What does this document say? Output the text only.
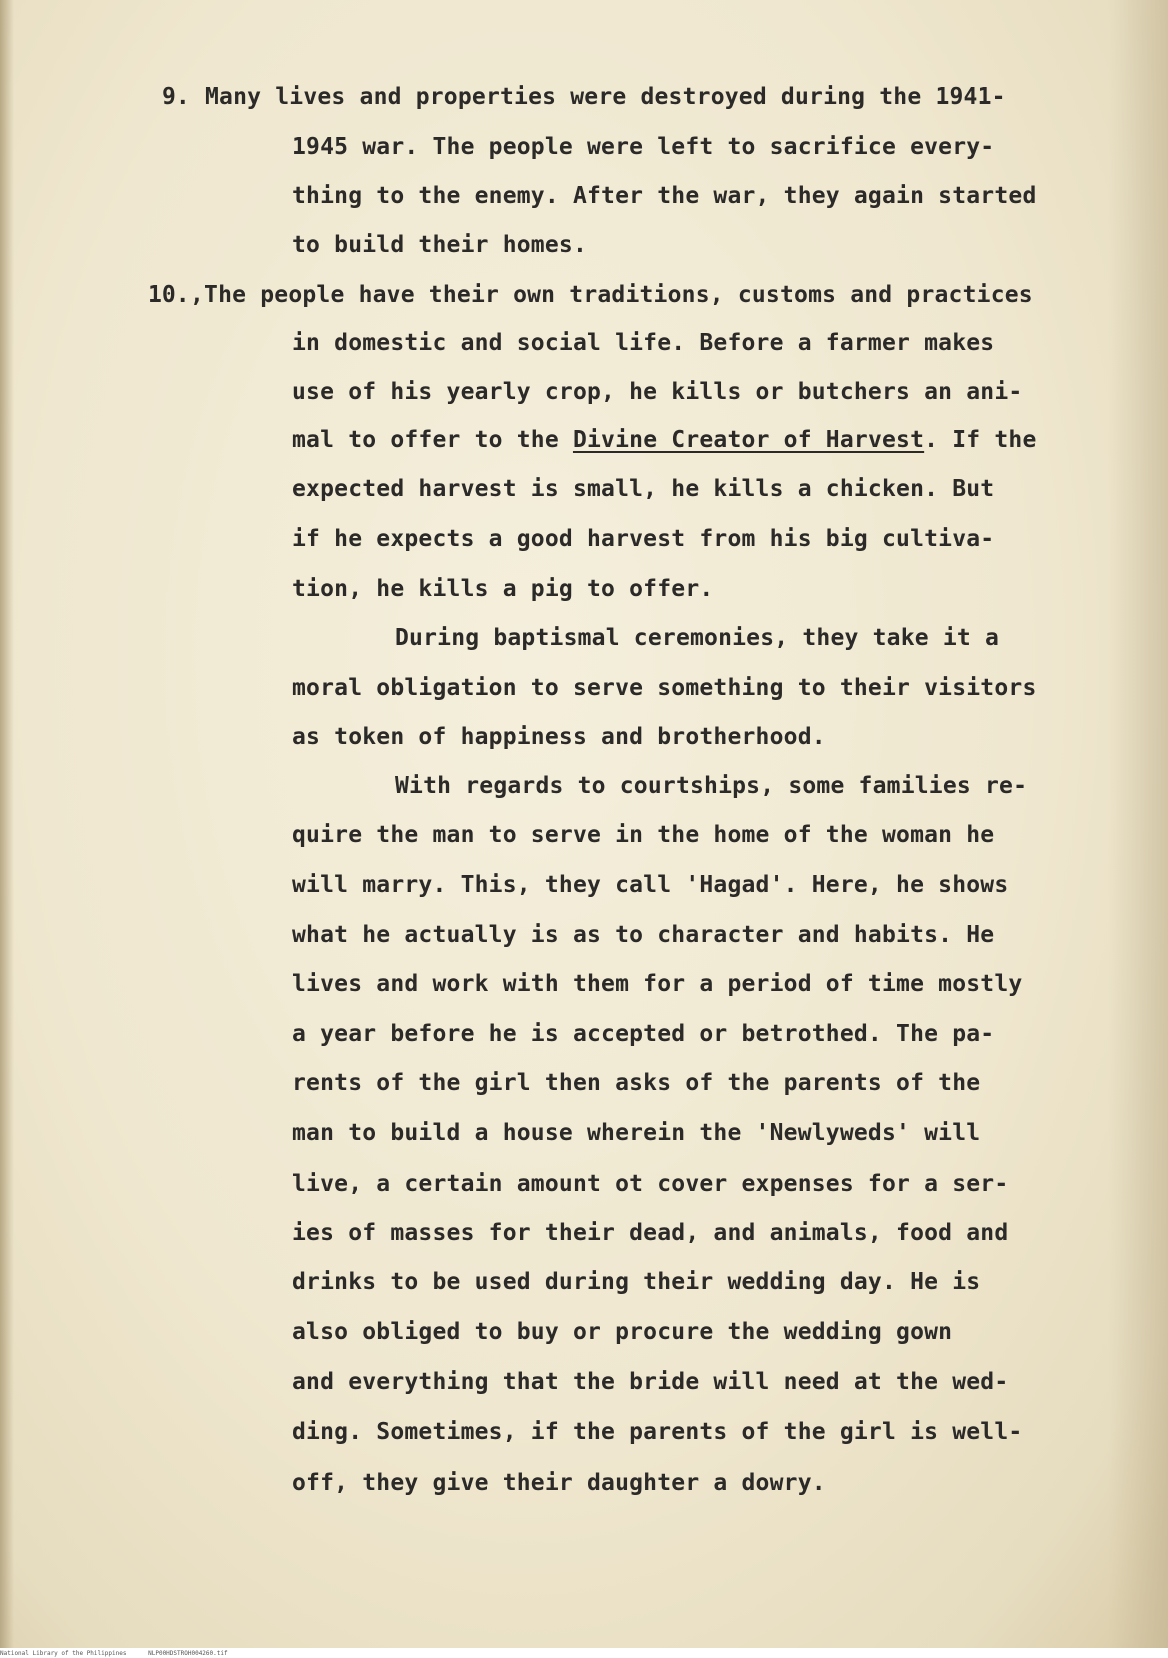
9. Many lives and properties were destroyed during the 1941-
1945 war. The people were left to sacrifice every-
thing to the enemy. After the war, they again started
to build their homes.
10. ,The people have their own traditions, customs and practices
in domestic and social life. Before a farmer makes
use of his yearly crop, he kills or butchers an ani-
mal to offer to the Divine Creator of Harvest. If the
expected harvest is small, he kills a chicken. But
if he expects a good harvest from his big cultiva-
tion, he kills a pig to offer.
During baptismal ceremonies, they take it a
moral obligation to serve something to their visitors
as token of happiness and brotherhood.
With regards to courtships, some families re-
quire the man to serve in the home of the woman he
will marry. This, they call 'Hagad'. Here, he shows
what he actually is as to character and habits. He
lives and work with them for a period of time mostly
a year before he is accepted or betrothed. The pa-
rents of the girl then asks of the parents of the
man to build a house wherein the 'Newlyweds' will
live, a certain amount ot cover expenses for a ser-
ies of masses for their dead, and animals, food and
drinks to be used during their wedding day. He is
also obliged to buy or procure the wedding gown
and everything that the bride will need at the wed-
ding. Sometimes, if the parents of the girl is well-
off, they give their daughter a dowry.
National Library of the Philippines	NLP00HDSTROH004260.tif
